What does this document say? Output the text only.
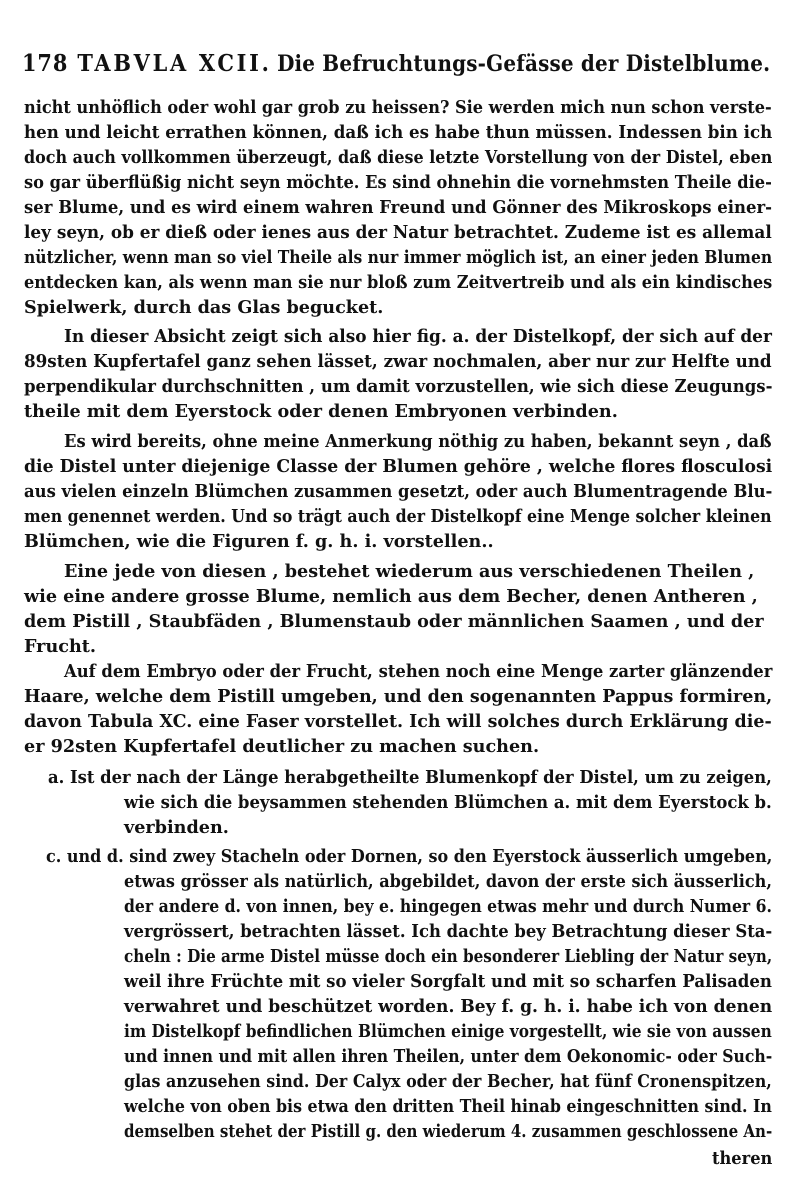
178 TABVLA XCII. Die Befruchtungs-Gefässe der Distelblume.
nicht unhöflich oder wohl gar grob zu heissen? Sie werden mich nun schon verste-
hen und leicht errathen können, daß ich es habe thun müssen. Indessen bin ich
doch auch vollkommen überzeugt, daß diese letzte Vorstellung von der Distel, eben
so gar überflüßig nicht seyn möchte. Es sind ohnehin die vornehmsten Theile die-
ser Blume, und es wird einem wahren Freund und Gönner des Mikroskops einer-
ley seyn, ob er dieß oder ienes aus der Natur betrachtet. Zudeme ist es allemal
nützlicher, wenn man so viel Theile als nur immer möglich ist, an einer jeden Blumen
entdecken kan, als wenn man sie nur bloß zum Zeitvertreib und als ein kindisches
Spielwerk, durch das Glas begucket.
In dieser Absicht zeigt sich also hier fig. a. der Distelkopf, der sich auf der
89sten Kupfertafel ganz sehen lässet, zwar nochmalen, aber nur zur Helfte und
perpendikular durchschnitten , um damit vorzustellen, wie sich diese Zeugungs-
theile mit dem Eyerstock oder denen Embryonen verbinden.
Es wird bereits, ohne meine Anmerkung nöthig zu haben, bekannt seyn , daß
die Distel unter diejenige Classe der Blumen gehöre , welche flores flosculosi
aus vielen einzeln Blümchen zusammen gesetzt, oder auch Blumentragende Blu-
men genennet werden. Und so trägt auch der Distelkopf eine Menge solcher kleinen
Blümchen, wie die Figuren f. g. h. i. vorstellen..
Eine jede von diesen , bestehet wiederum aus verschiedenen Theilen ,
wie eine andere grosse Blume, nemlich aus dem Becher, denen Antheren ,
dem Pistill , Staubfäden , Blumenstaub oder männlichen Saamen , und der
Frucht.
Auf dem Embryo oder der Frucht, stehen noch eine Menge zarter glänzender
Haare, welche dem Pistill umgeben, und den sogenannten Pappus formiren,
davon Tabula XC. eine Faser vorstellet. Ich will solches durch Erklärung die-
er 92sten Kupfertafel deutlicher zu machen suchen.
a. Ist der nach der Länge herabgetheilte Blumenkopf der Distel, um zu zeigen,
wie sich die beysammen stehenden Blümchen a. mit dem Eyerstock b.
verbinden.
c. und d. sind zwey Stacheln oder Dornen, so den Eyerstock äusserlich umgeben,
etwas grösser als natürlich, abgebildet, davon der erste sich äusserlich,
der andere d. von innen, bey e. hingegen etwas mehr und durch Numer 6.
vergrössert, betrachten lässet. Ich dachte bey Betrachtung dieser Sta-
cheln : Die arme Distel müsse doch ein besonderer Liebling der Natur seyn,
weil ihre Früchte mit so vieler Sorgfalt und mit so scharfen Palisaden
verwahret und beschützet worden. Bey f. g. h. i. habe ich von denen
im Distelkopf befindlichen Blümchen einige vorgestellt, wie sie von aussen
und innen und mit allen ihren Theilen, unter dem Oekonomic- oder Such-
glas anzusehen sind. Der Calyx oder der Becher, hat fünf Cronenspitzen,
welche von oben bis etwa den dritten Theil hinab eingeschnitten sind. In
demselben stehet der Pistill g. den wiederum 4. zusammen geschlossene An-
theren
